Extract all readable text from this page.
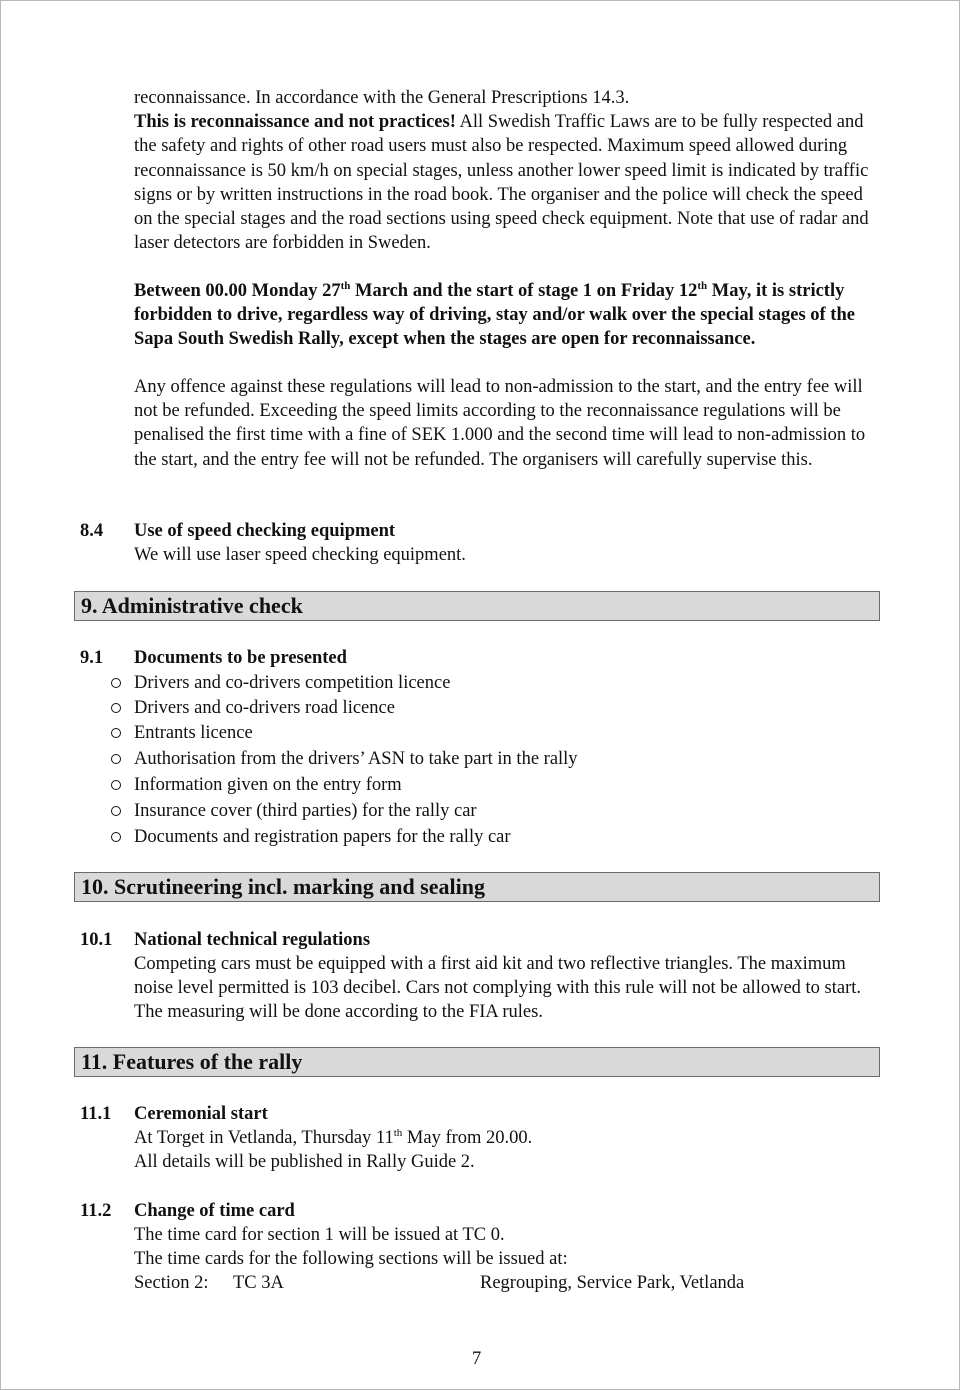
reconnaissance. In accordance with the General Prescriptions 14.3.
This is reconnaissance and not practices! All Swedish Traffic Laws are to be fully respected and the safety and rights of other road users must also be respected. Maximum speed allowed during reconnaissance is 50 km/h on special stages, unless another lower speed limit is indicated by traffic signs or by written instructions in the road book. The organiser and the police will check the speed on the special stages and the road sections using speed check equipment. Note that use of radar and laser detectors are forbidden in Sweden.
Between 00.00 Monday 27th March and the start of stage 1 on Friday 12th May, it is strictly forbidden to drive, regardless way of driving, stay and/or walk over the special stages of the Sapa South Swedish Rally, except when the stages are open for reconnaissance.
Any offence against these regulations will lead to non-admission to the start, and the entry fee will not be refunded. Exceeding the speed limits according to the reconnaissance regulations will be penalised the first time with a fine of SEK 1.000 and the second time will lead to non-admission to the start, and the entry fee will not be refunded. The organisers will carefully supervise this.
8.4 Use of speed checking equipment
We will use laser speed checking equipment.
9. Administrative check
9.1 Documents to be presented
Drivers and co-drivers competition licence
Drivers and co-drivers road licence
Entrants licence
Authorisation from the drivers’ ASN to take part in the rally
Information given on the entry form
Insurance cover (third parties) for the rally car
Documents and registration papers for the rally car
10. Scrutineering incl. marking and sealing
10.1 National technical regulations
Competing cars must be equipped with a first aid kit and two reflective triangles. The maximum noise level permitted is 103 decibel. Cars not complying with this rule will not be allowed to start. The measuring will be done according to the FIA rules.
11. Features of the rally
11.1 Ceremonial start
At Torget in Vetlanda, Thursday 11th May from 20.00.
All details will be published in Rally Guide 2.
11.2 Change of time card
The time card for section 1 will be issued at TC 0.
The time cards for the following sections will be issued at:
Section 2: TC 3A	Regrouping, Service Park, Vetlanda
7
